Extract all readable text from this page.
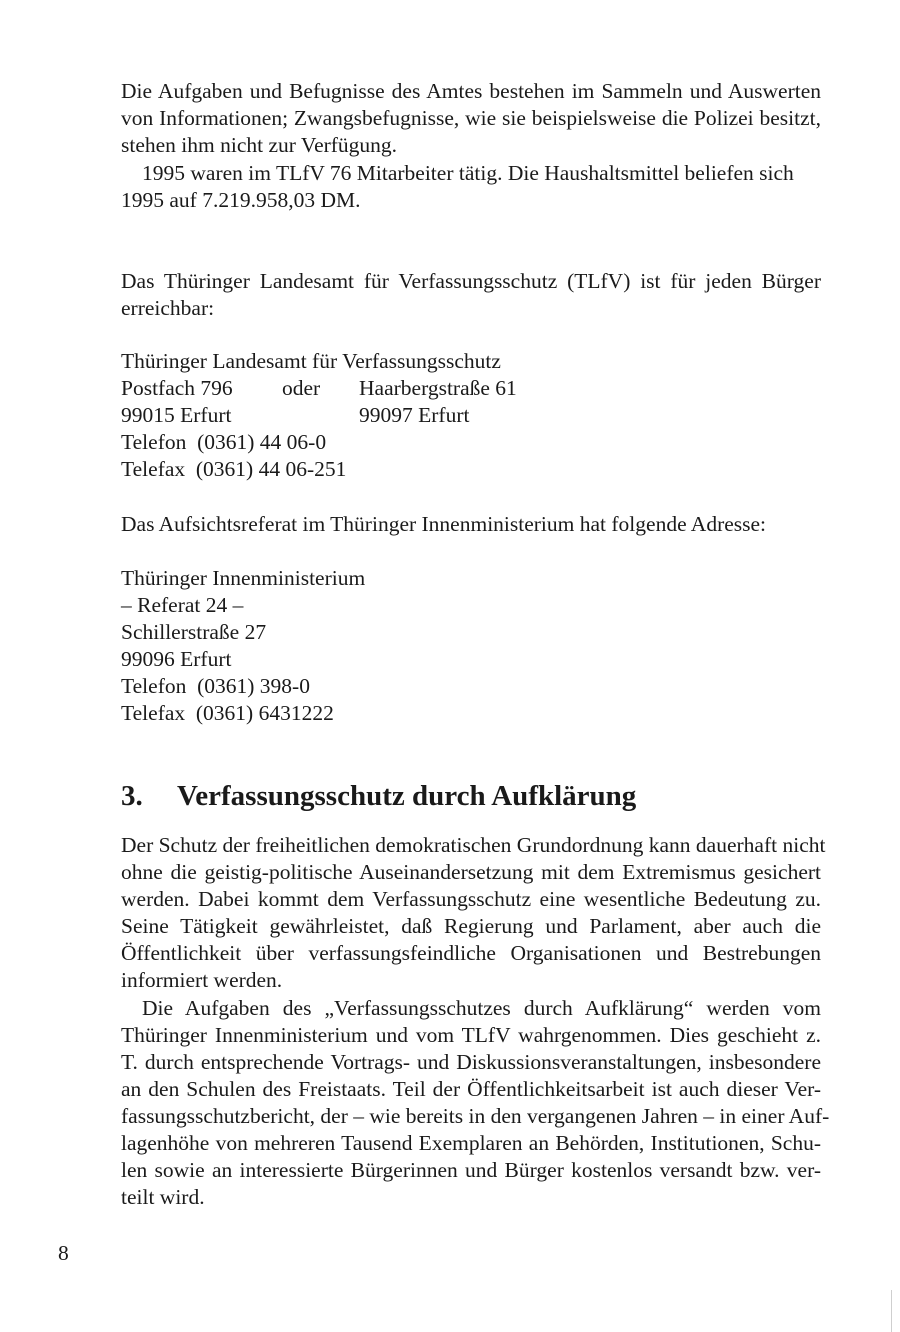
Die Aufgaben und Befugnisse des Amtes bestehen im Sammeln und Auswerten
von Informationen; Zwangsbefugnisse, wie sie beispielsweise die Polizei besitzt,
stehen ihm nicht zur Verfügung.
1995 waren im TLfV 76 Mitarbeiter tätig. Die Haushaltsmittel beliefen sich
1995 auf 7.219.958,03 DM.
Das Thüringer Landesamt für Verfassungsschutz (TLfV) ist für jeden Bürger
erreichbar:
Thüringer Landesamt für Verfassungsschutz
Postfach 796 oder Haarbergstraße 61
99015 Erfurt	99097 Erfurt
Telefon  (0361) 44 06-0
Telefax  (0361) 44 06-251
Das Aufsichtsreferat im Thüringer Innenministerium hat folgende Adresse:
Thüringer Innenministerium
– Referat 24 –
Schillerstraße 27
99096 Erfurt
Telefon  (0361) 398-0
Telefax  (0361) 6431222
3. Verfassungsschutz durch Aufklärung
Der Schutz der freiheitlichen demokratischen Grundordnung kann dauerhaft nicht
ohne die geistig-politische Auseinandersetzung mit dem Extremismus gesichert
werden. Dabei kommt dem Verfassungsschutz eine wesentliche Bedeutung zu.
Seine Tätigkeit gewährleistet, daß Regierung und Parlament, aber auch die
Öffentlichkeit über verfassungsfeindliche Organisationen und Bestrebungen
informiert werden.
Die Aufgaben des „Verfassungsschutzes durch Aufklärung“ werden vom
Thüringer Innenministerium und vom TLfV wahrgenommen. Dies geschieht z.
T. durch entsprechende Vortrags- und Diskussionsveranstaltungen, insbesondere
an den Schulen des Freistaats. Teil der Öffentlichkeitsarbeit ist auch dieser Ver-
fassungsschutzbericht, der – wie bereits in den vergangenen Jahren – in einer Auf-
lagenhöhe von mehreren Tausend Exemplaren an Behörden, Institutionen, Schu-
len sowie an interessierte Bürgerinnen und Bürger kostenlos versandt bzw. ver-
teilt wird.
8
